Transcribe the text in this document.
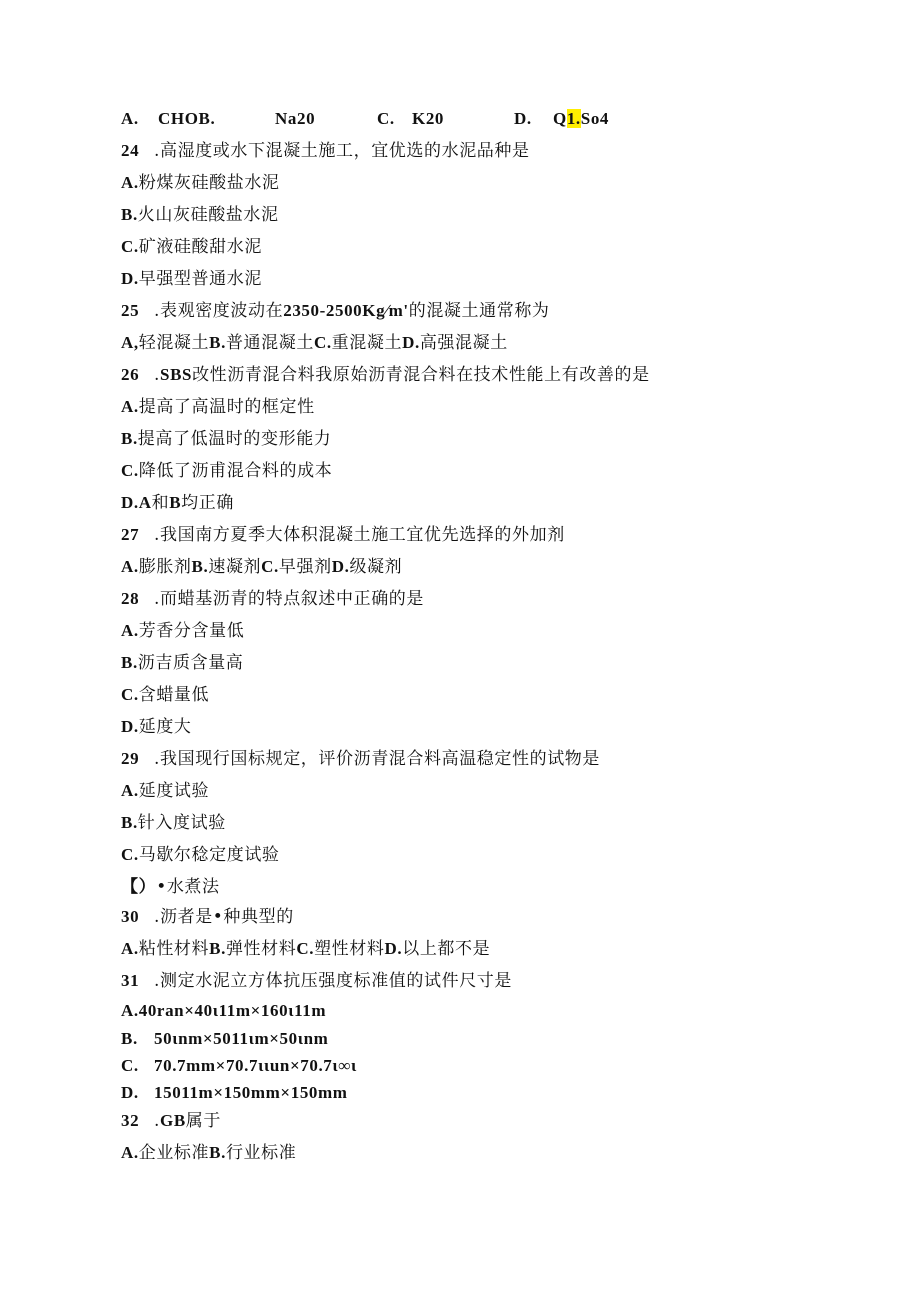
A. CHOB.	Na20	C. K20	D. Q1.So4
24 .高湿度或水下混凝土施工，宜优选的水泥品种是
A.粉煤灰硅酸盐水泥
B.火山灰硅酸盐水泥
C.矿液硅酸甜水泥
D.早强型普通水泥
25 .表观密度波动在2350-2500Kg∕m'的混凝土通常称为
A,轻混凝土B.普通混凝土C.重混凝土D.高强混凝土
26 .SBS改性沥青混合料我原始沥青混合料在技术性能上有改善的是
A.提高了高温时的框定性
B.提高了低温时的变形能力
C.降低了沥甫混合料的成本
D.A和B均正确
27 .我国南方夏季大体积混凝土施工宜优先选择的外加剂
A.膨胀剂B.速凝剂C.早强剂D.级凝剂
28 .而蜡基沥青的特点叙述中正确的是
A.芳香分含量低
B.沥吉质含量高
C.含蜡量低
D.延度大
29 .我国现行国标规定，评价沥青混合料高温稳定性的试物是
A.延度试验
B.针入度试验
C.马歇尔稔定度试验
【）•水煮法
30 .沥者是•种典型的
A.粘性材料B.弹性材料C.塑性材料D.以上都不是
31 .测定水泥立方体抗压强度标准值的试件尺寸是
A.40ran×40ι11m×160ι11m
B. 50ιnm×5011ιm×50ιnm
C. 70.7mm×70.7ιιun×70.7ι∞ι
D. 15011m×150mm×150mm
32 .GB属于
A.企业标准B.行业标准
